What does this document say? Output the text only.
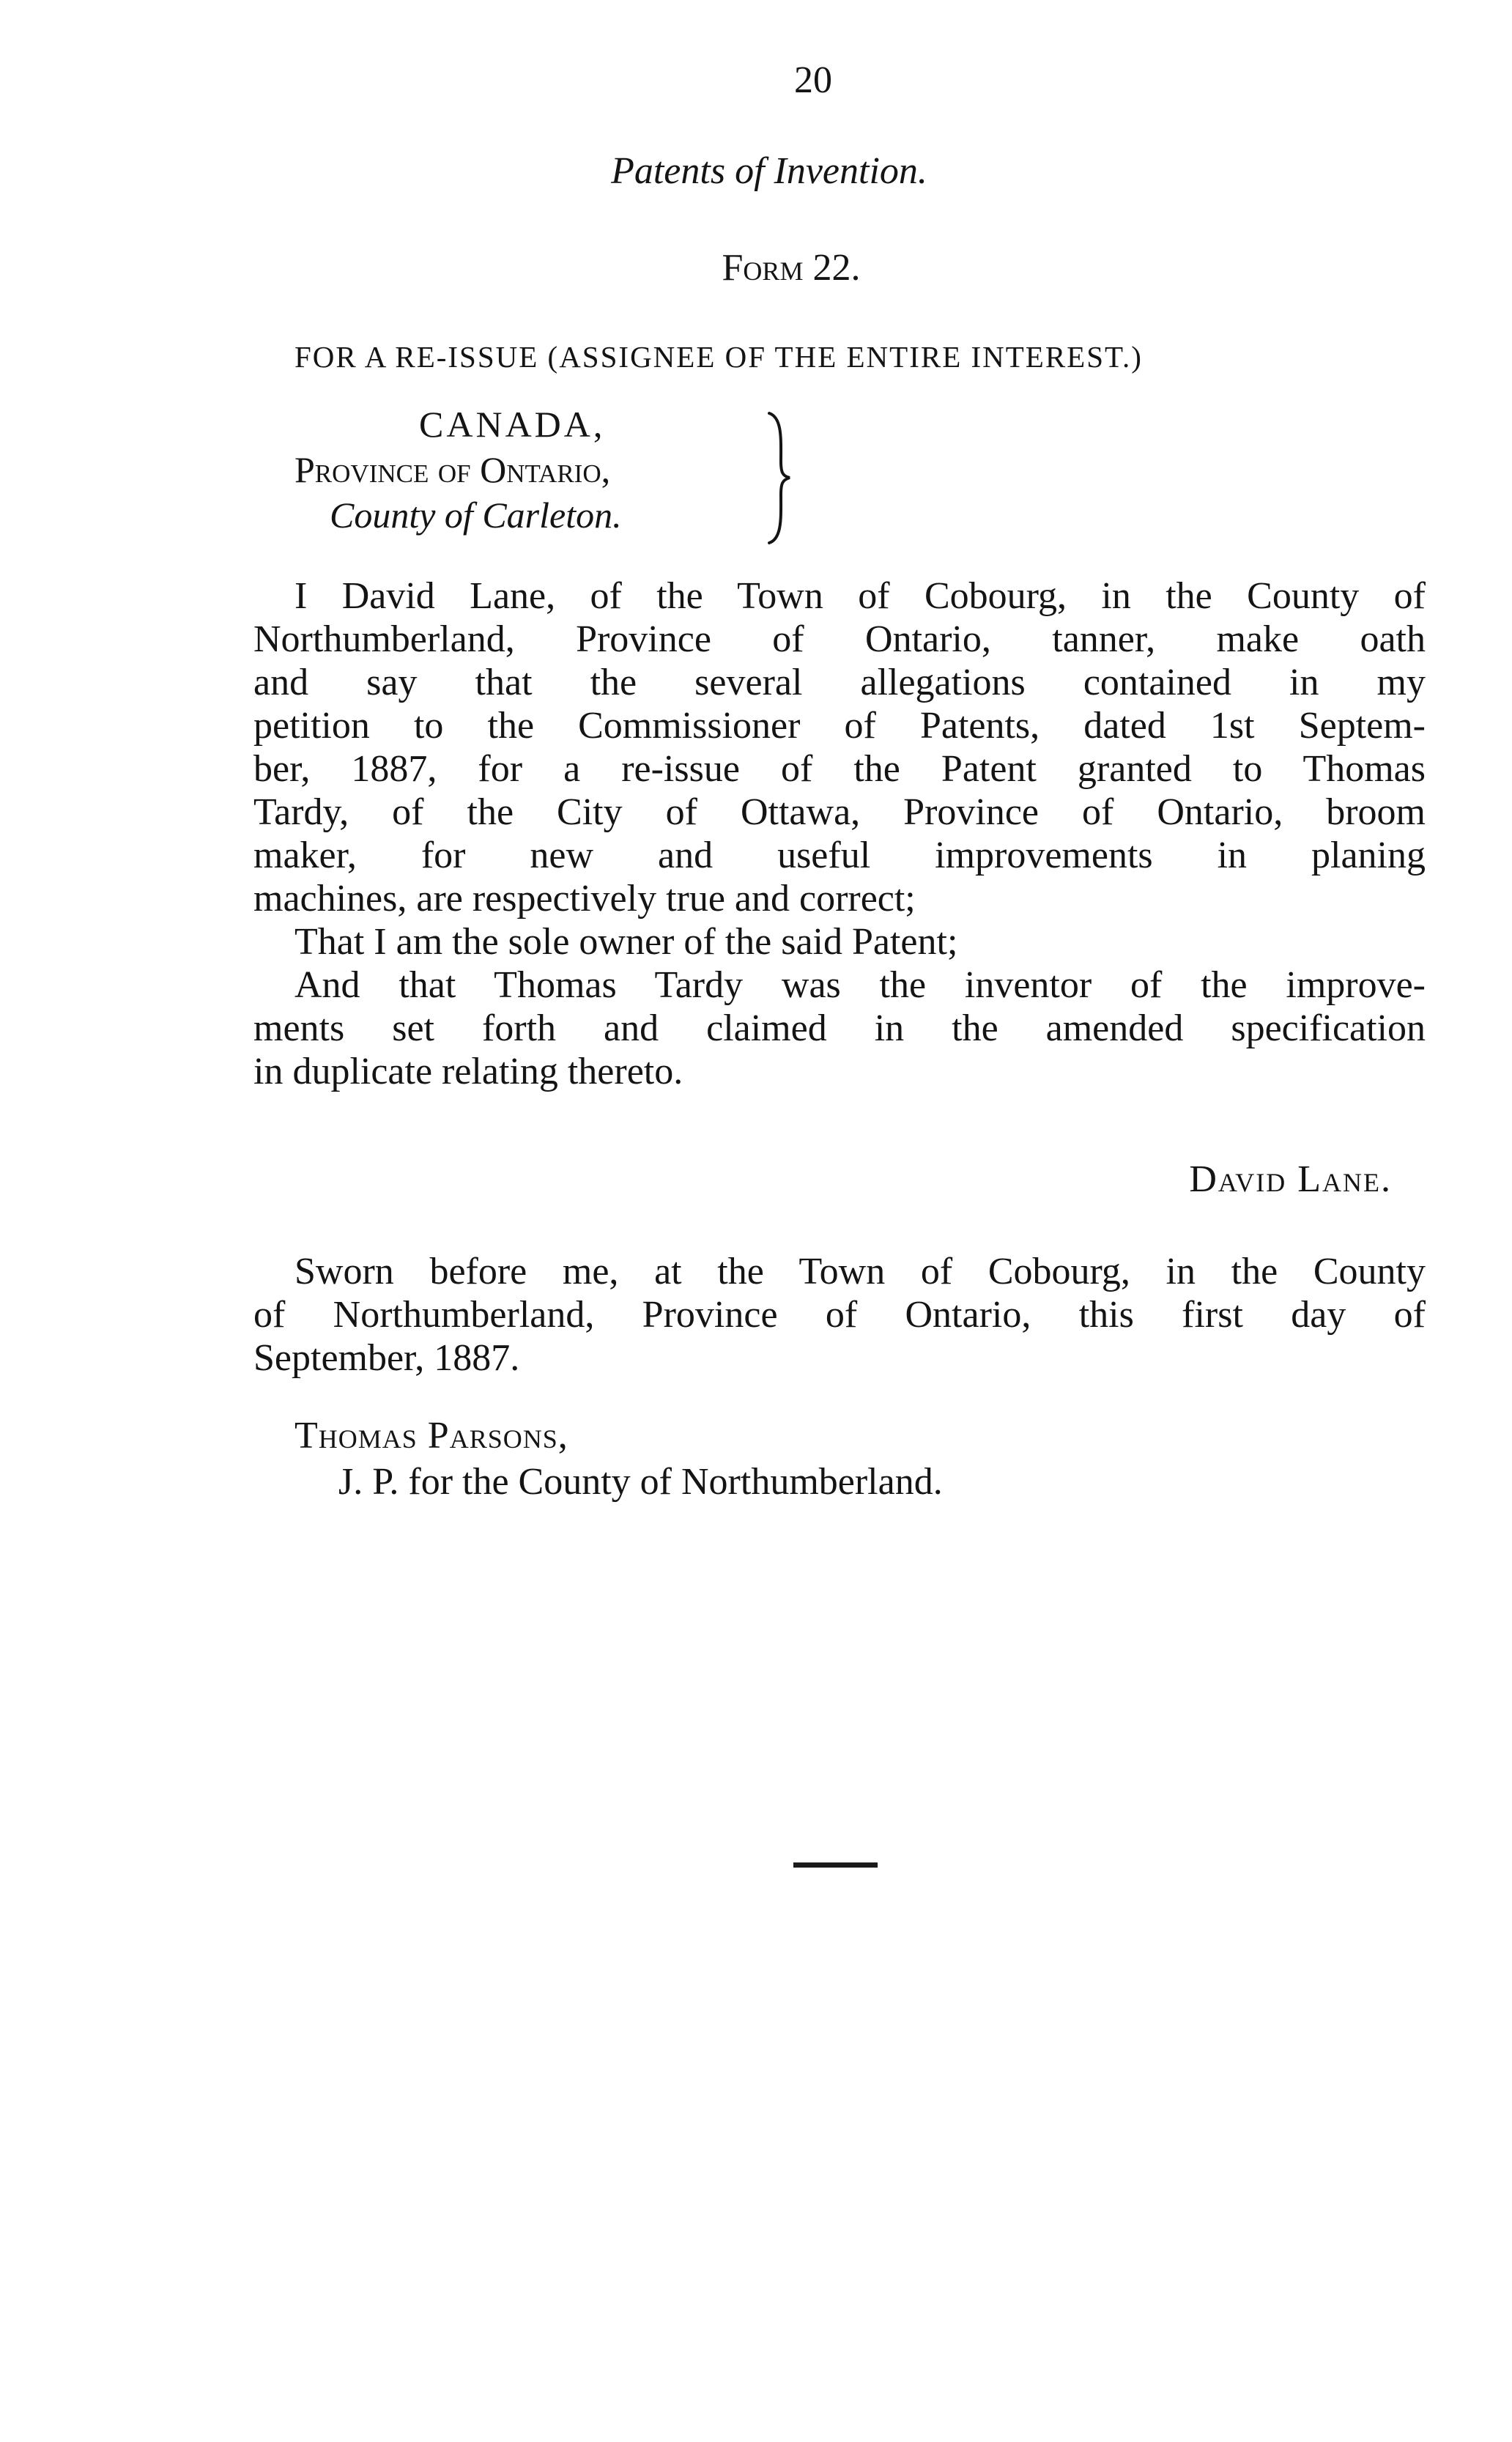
20
Patents of Invention.
Form 22.
FOR A RE-ISSUE (ASSIGNEE OF THE ENTIRE INTEREST.)
CANADA,
Province of Ontario,
County of Carleton.
I David Lane, of the Town of Cobourg, in the County of
Northumberland, Province of Ontario, tanner, make oath
and say that the several allegations contained in my
petition to the Commissioner of Patents, dated 1st Septem-
ber, 1887, for a re-issue of the Patent granted to Thomas
Tardy, of the City of Ottawa, Province of Ontario, broom
maker, for new and useful improvements in planing
machines, are respectively true and correct;
That I am the sole owner of the said Patent;
And that Thomas Tardy was the inventor of the improve-
ments set forth and claimed in the amended specification
in duplicate relating thereto.
David Lane.
Sworn before me, at the Town of Cobourg, in the County
of Northumberland, Province of Ontario, this first day of
September, 1887.
Thomas Parsons,
J. P. for the County of Northumberland.
